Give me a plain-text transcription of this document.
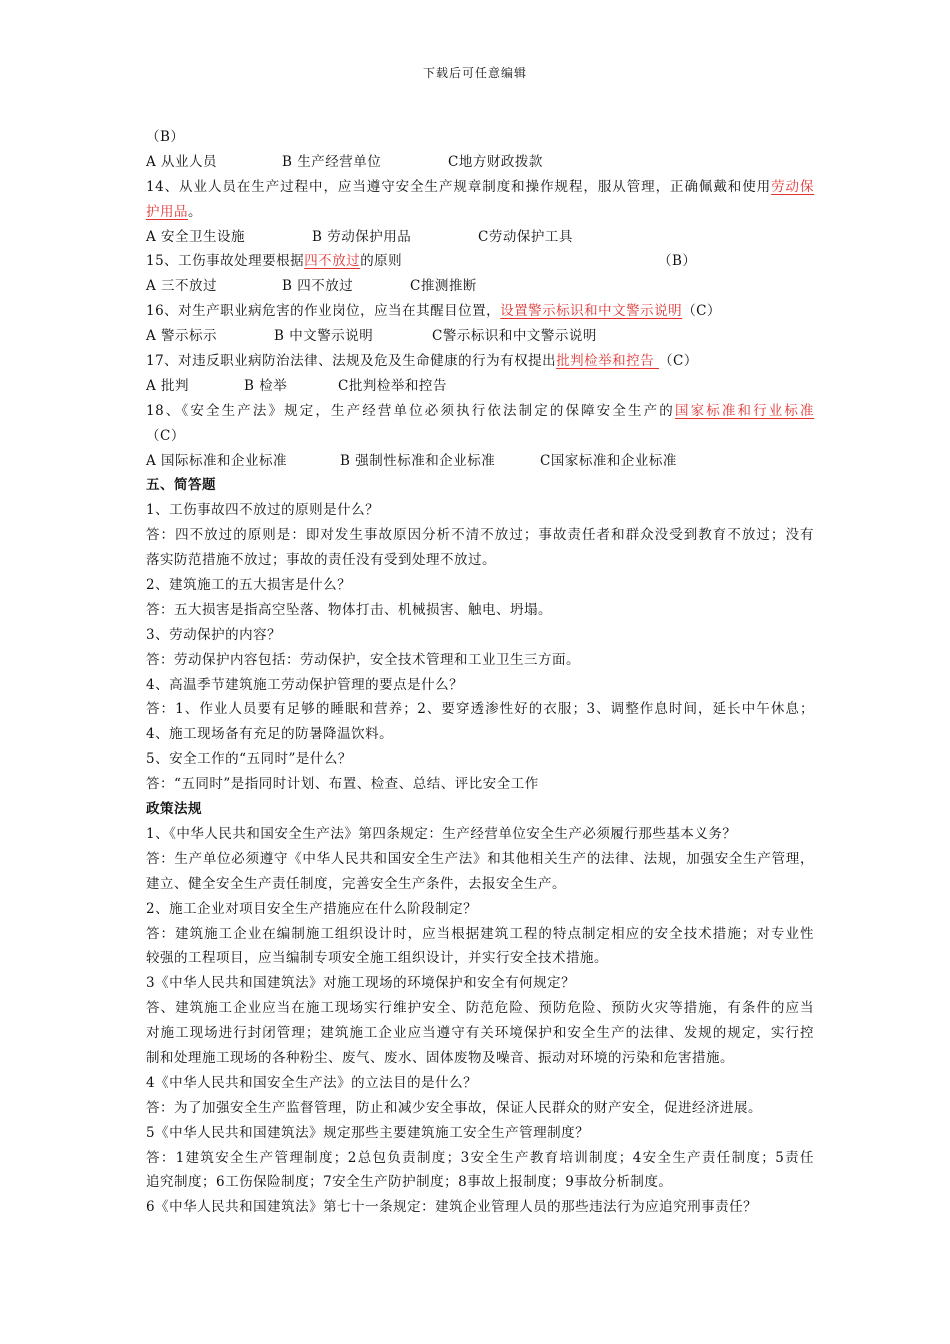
下载后可任意编辑
（B）
A 从业人员	B 生产经营单位	C地方财政拨款
14、从业人员在生产过程中，应当遵守安全生产规章制度和操作规程，服从管理，正确佩戴和使用劳动保
护用品。
A 安全卫生设施	B 劳动保护用品	C劳动保护工具
15、工伤事故处理要根据四不放过的原则	（B）
A 三不放过	B 四不放过	C推测推断
16、对生产职业病危害的作业岗位，应当在其醒目位置，设置警示标识和中文警示说明（C）
A 警示标示	B 中文警示说明	C警示标识和中文警示说明
17、对违反职业病防治法律、法规及危及生命健康的行为有权提出批判检举和控告 （C）
A 批判	B 检举	C批判检举和控告
18、《安全生产法》规定，生产经营单位必须执行依法制定的保障安全生产的国家标准和行业标准
（C）
A 国际标准和企业标准	B 强制性标准和企业标准	C国家标准和企业标准
五、简答题
1、工伤事故四不放过的原则是什么？
答：四不放过的原则是：即对发生事故原因分析不清不放过；事故责任者和群众没受到教育不放过；没有
落实防范措施不放过；事故的责任没有受到处理不放过。
2、建筑施工的五大损害是什么？
答：五大损害是指高空坠落、物体打击、机械损害、触电、坍塌。
3、劳动保护的内容？
答：劳动保护内容包括：劳动保护，安全技术管理和工业卫生三方面。
4、高温季节建筑施工劳动保护管理的要点是什么？
答：1、作业人员要有足够的睡眠和营养；2、要穿透渗性好的衣服；3、调整作息时间，延长中午休息；
4、施工现场备有充足的防暑降温饮料。
5、安全工作的“五同时”是什么？
答：“五同时”是指同时计划、布置、检查、总结、评比安全工作
政策法规
1、《中华人民共和国安全生产法》第四条规定：生产经营单位安全生产必须履行那些基本义务？
答：生产单位必须遵守《中华人民共和国安全生产法》和其他相关生产的法律、法规，加强安全生产管理，
建立、健全安全生产责任制度，完善安全生产条件，去报安全生产。
2、施工企业对项目安全生产措施应在什么阶段制定？
答：建筑施工企业在编制施工组织设计时，应当根据建筑工程的特点制定相应的安全技术措施；对专业性
较强的工程项目，应当编制专项安全施工组织设计，并实行安全技术措施。
3《中华人民共和国建筑法》对施工现场的环境保护和安全有何规定？
答、建筑施工企业应当在施工现场实行维护安全、防范危险、预防危险、预防火灾等措施，有条件的应当
对施工现场进行封闭管理；建筑施工企业应当遵守有关环境保护和安全生产的法律、发规的规定，实行控
制和处理施工现场的各种粉尘、废气、废水、固体废物及噪音、振动对环境的污染和危害措施。
4《中华人民共和国安全生产法》的立法目的是什么？
答：为了加强安全生产监督管理，防止和减少安全事故，保证人民群众的财产安全，促进经济进展。
5《中华人民共和国建筑法》规定那些主要建筑施工安全生产管理制度？
答：1建筑安全生产管理制度；2总包负责制度；3安全生产教育培训制度；4安全生产责任制度；5责任
追究制度；6工伤保险制度；7安全生产防护制度；8事故上报制度；9事故分析制度。
6《中华人民共和国建筑法》第七十一条规定：建筑企业管理人员的那些违法行为应追究刑事责任？
